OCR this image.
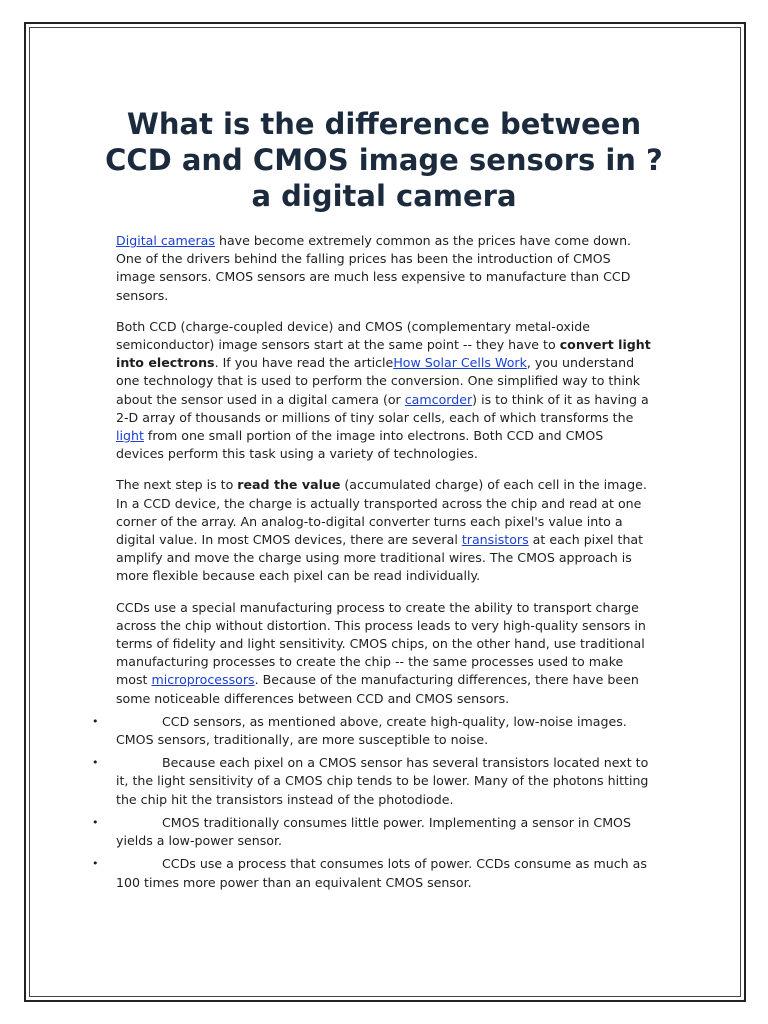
What is the difference between CCD and CMOS image sensors in ?a digital camera

Digital cameras have become extremely common as the prices have come down. One of the drivers behind the falling prices has been the introduction of CMOS image sensors. CMOS sensors are much less expensive to manufacture than CCD sensors.

Both CCD (charge-coupled device) and CMOS (complementary metal-oxide semiconductor) image sensors start at the same point -- they have to convert light into electrons. If you have read the articleHow Solar Cells Work, you understand one technology that is used to perform the conversion. One simplified way to think about the sensor used in a digital camera (or camcorder) is to think of it as having a 2-D array of thousands or millions of tiny solar cells, each of which transforms the light from one small portion of the image into electrons. Both CCD and CMOS devices perform this task using a variety of technologies.

The next step is to read the value (accumulated charge) of each cell in the image. In a CCD device, the charge is actually transported across the chip and read at one corner of the array. An analog-to-digital converter turns each pixel's value into a digital value. In most CMOS devices, there are several transistors at each pixel that amplify and move the charge using more traditional wires. The CMOS approach is more flexible because each pixel can be read individually.

CCDs use a special manufacturing process to create the ability to transport charge across the chip without distortion. This process leads to very high-quality sensors in terms of fidelity and light sensitivity. CMOS chips, on the other hand, use traditional manufacturing processes to create the chip -- the same processes used to make most microprocessors. Because of the manufacturing differences, there have been some noticeable differences between CCD and CMOS sensors.

•	CCD sensors, as mentioned above, create high-quality, low-noise images. CMOS sensors, traditionally, are more susceptible to noise.
•	Because each pixel on a CMOS sensor has several transistors located next to it, the light sensitivity of a CMOS chip tends to be lower. Many of the photons hitting the chip hit the transistors instead of the photodiode.
•	CMOS traditionally consumes little power. Implementing a sensor in CMOS yields a low-power sensor.
•	CCDs use a process that consumes lots of power. CCDs consume as much as 100 times more power than an equivalent CMOS sensor.
